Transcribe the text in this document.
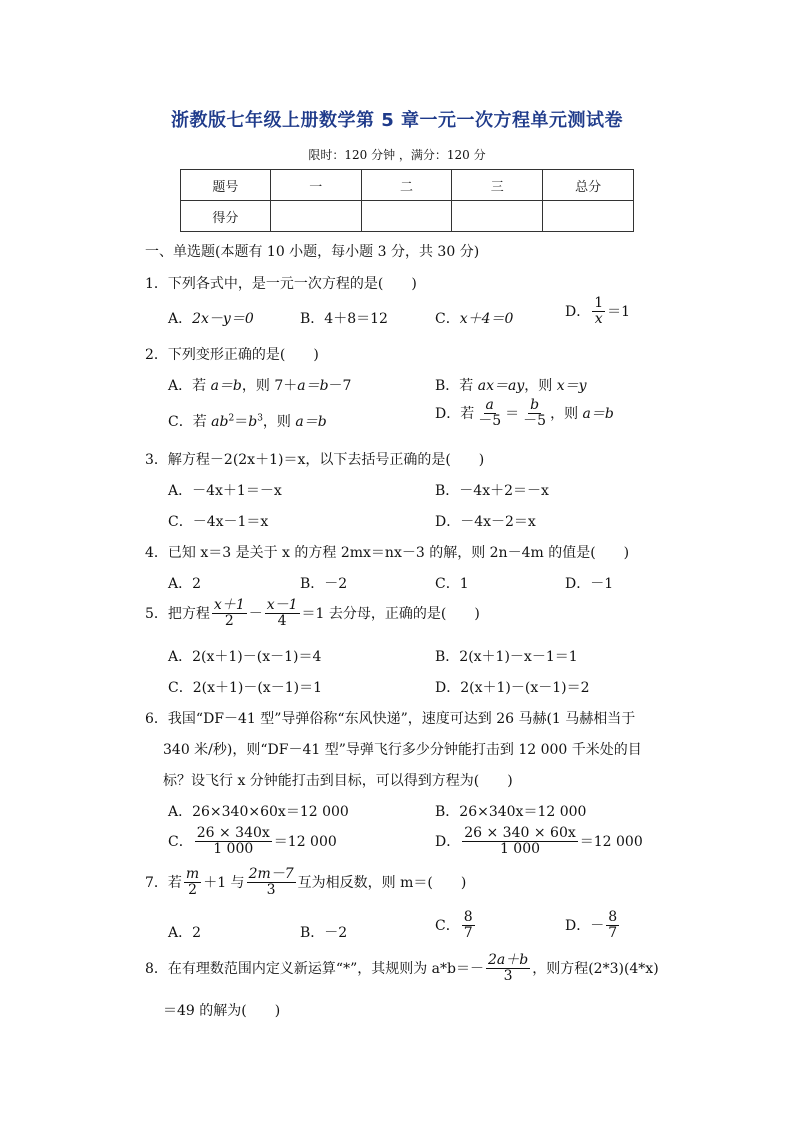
浙教版七年级上册数学第 5 章一元一次方程单元测试卷
限时：120 分钟 ，满分：120 分
题号	一	二	三	总分
得分				
一、单选题(本题有 10 小题，每小题 3 分，共 30 分)
1．下列各式中，是一元一次方程的是(　　)
A．2x－y＝0	B．4＋8＝12	C．x＋4＝0	D． $\frac{1}{x} =1$
2．下列变形正确的是(　　)
A．若 a＝b，则 7＋a＝b－7	B．若 ax＝ay，则 x＝y
C．若 $ab^2=b^3$，则 a＝b
D．若 $\frac{a}{-5} = \frac{b}{-5}$ ，则 a＝b
3．解方程－2(2x＋1)＝x，以下去括号正确的是(　　)
A．－4x＋1＝－x	B．－4x＋2＝－x
C．－4x－1＝x	D．－4x－2＝x
4．已知 x＝3 是关于 x 的方程 2mx＝nx－3 的解，则 2n－4m 的值是(　　)
A．2	B．－2	C．1	D．－1
5．把方程 $\frac{x+1}{2} - \frac{x-1}{4} =1$ 去分母，正确的是(　　)
A．2(x＋1)－(x－1)＝4	B．2(x＋1)－x－1＝1
C．2(x＋1)－(x－1)＝1	D．2(x＋1)－(x－1)＝2
6．我国“DF－41 型”导弹俗称“东风快递”，速度可达到 26 马赫(1 马赫相当于
340 米/秒)，则“DF－41 型”导弹飞行多少分钟能打击到 12 000 千米处的目
标？设飞行 x 分钟能打击到目标，可以得到方程为(　　)
A．26×340×60x＝12 000	B．26×340x＝12 000
C． $\frac{26 \times 340x}{1 000} =12$ 000	D． $\frac{26 \times 340 \times 60x}{1 000} =12$ 000
7．若 $\frac{m}{2} +1$ 与 $\frac{2m-7}{3}$ 互为相反数，则 m＝(　　)
A．2	B．－2	C． $\frac{8}{7}$	D．－ $\frac{8}{7}$
8．在有理数范围内定义新运算“*”，其规则为 $a*b=- \frac{2a+b}{3}$ ，则方程(2*3)(4*x)
＝49 的解为(　　)
